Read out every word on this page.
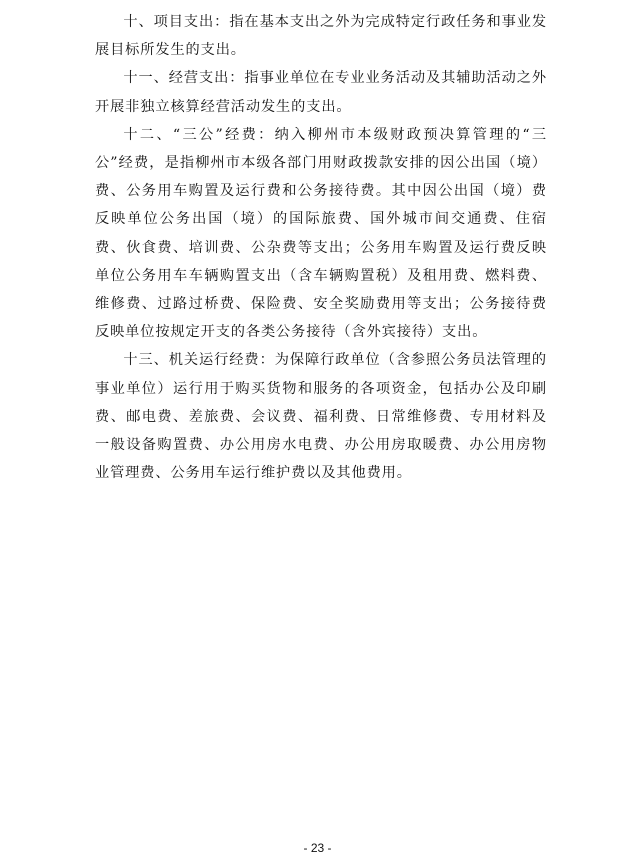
十、项目支出：指在基本支出之外为完成特定行政任务和事业发展目标所发生的支出。

十一、经营支出：指事业单位在专业业务活动及其辅助活动之外开展非独立核算经营活动发生的支出。

十二、“三公”经费：纳入柳州市本级财政预决算管理的“三公”经费，是指柳州市本级各部门用财政拨款安排的因公出国（境）费、公务用车购置及运行费和公务接待费。其中因公出国（境）费反映单位公务出国（境）的国际旅费、国外城市间交通费、住宿费、伙食费、培训费、公杂费等支出；公务用车购置及运行费反映单位公务用车车辆购置支出（含车辆购置税）及租用费、燃料费、维修费、过路过桥费、保险费、安全奖励费用等支出；公务接待费反映单位按规定开支的各类公务接待（含外宾接待）支出。

十三、机关运行经费：为保障行政单位（含参照公务员法管理的事业单位）运行用于购买货物和服务的各项资金，包括办公及印刷费、邮电费、差旅费、会议费、福利费、日常维修费、专用材料及一般设备购置费、办公用房水电费、办公用房取暖费、办公用房物业管理费、公务用车运行维护费以及其他费用。

- 23 -
